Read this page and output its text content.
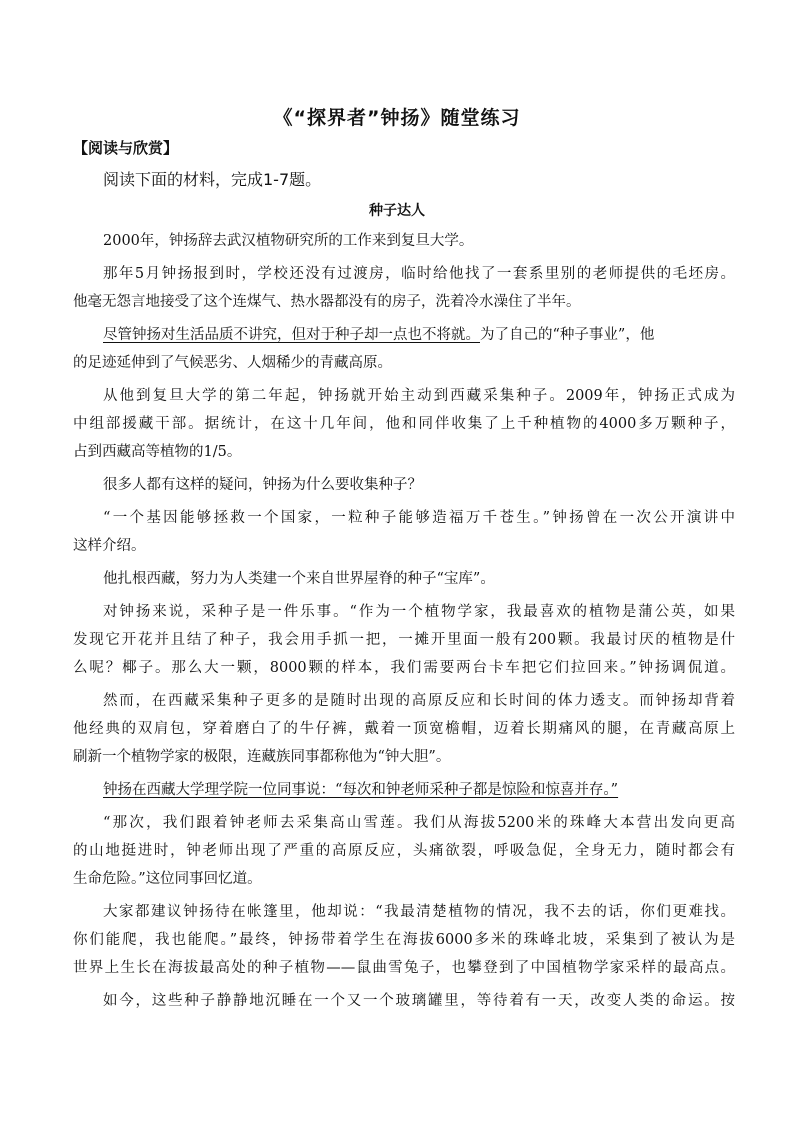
《“探界者”钟扬》随堂练习
【阅读与欣赏】
阅读下面的材料，完成1-7题。
种子达人
2000年，钟扬辞去武汉植物研究所的工作来到复旦大学。
那年5月钟扬报到时，学校还没有过渡房，临时给他找了一套系里别的老师提供的毛坯房。
他毫无怨言地接受了这个连煤气、热水器都没有的房子，洗着冷水澡住了半年。
尽管钟扬对生活品质不讲究，但对于种子却一点也不将就。为了自己的“种子事业”，他
的足迹延伸到了气候恶劣、人烟稀少的青藏高原。
从他到复旦大学的第二年起，钟扬就开始主动到西藏采集种子。2009年，钟扬正式成为
中组部援藏干部。据统计，在这十几年间，他和同伴收集了上千种植物的4000多万颗种子，
占到西藏高等植物的1/5。
很多人都有这样的疑问，钟扬为什么要收集种子？
“一个基因能够拯救一个国家，一粒种子能够造福万千苍生。”钟扬曾在一次公开演讲中
这样介绍。
他扎根西藏，努力为人类建一个来自世界屋脊的种子“宝库”。
对钟扬来说，采种子是一件乐事。“作为一个植物学家，我最喜欢的植物是蒲公英，如果
发现它开花并且结了种子，我会用手抓一把，一摊开里面一般有200颗。我最讨厌的植物是什
么呢？椰子。那么大一颗，8000颗的样本，我们需要两台卡车把它们拉回来。”钟扬调侃道。
然而，在西藏采集种子更多的是随时出现的高原反应和长时间的体力透支。而钟扬却背着
他经典的双肩包，穿着磨白了的牛仔裤，戴着一顶宽檐帽，迈着长期痛风的腿，在青藏高原上
刷新一个植物学家的极限，连藏族同事都称他为“钟大胆”。
钟扬在西藏大学理学院一位同事说：“每次和钟老师采种子都是惊险和惊喜并存。”
“那次，我们跟着钟老师去采集高山雪莲。我们从海拔5200米的珠峰大本营出发向更高
的山地挺进时，钟老师出现了严重的高原反应，头痛欲裂，呼吸急促，全身无力，随时都会有
生命危险。”这位同事回忆道。
大家都建议钟扬待在帐篷里，他却说：“我最清楚植物的情况，我不去的话，你们更难找。
你们能爬，我也能爬。”最终，钟扬带着学生在海拔6000多米的珠峰北坡，采集到了被认为是
世界上生长在海拔最高处的种子植物——鼠曲雪兔子，也攀登到了中国植物学家采样的最高点。
如今，这些种子静静地沉睡在一个又一个玻璃罐里，等待着有一天，改变人类的命运。按
